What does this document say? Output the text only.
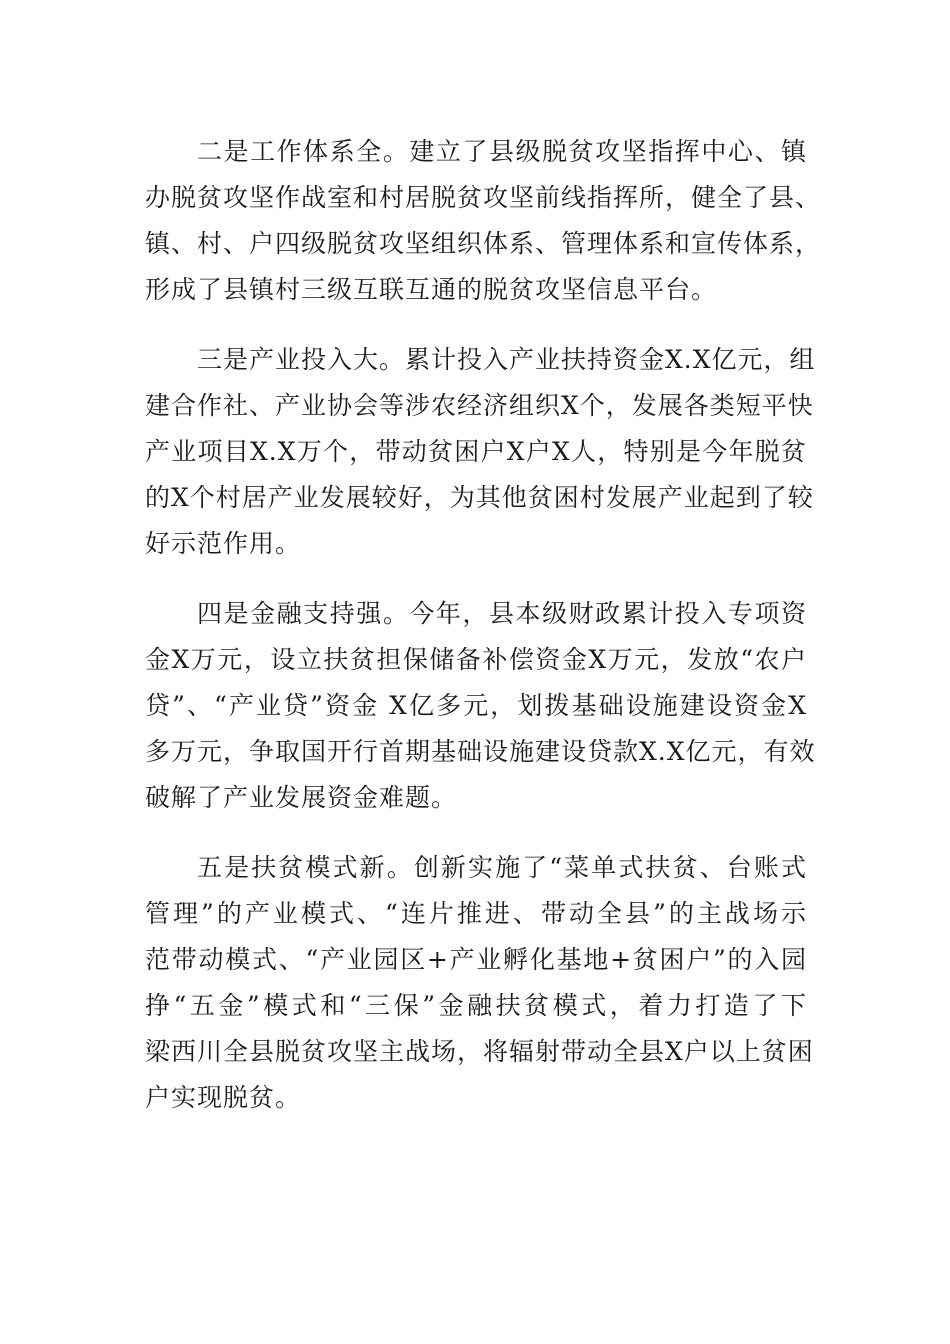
二是工作体系全。建立了县级脱贫攻坚指挥中心、镇
办脱贫攻坚作战室和村居脱贫攻坚前线指挥所，健全了县、
镇、村、户四级脱贫攻坚组织体系、管理体系和宣传体系，
形成了县镇村三级互联互通的脱贫攻坚信息平台。
三是产业投入大。累计投入产业扶持资金X.X亿元，组
建合作社、产业协会等涉农经济组织X个，发展各类短平快
产业项目X.X万个，带动贫困户X户X人，特别是今年脱贫
的X个村居产业发展较好，为其他贫困村发展产业起到了较
好示范作用。
四是金融支持强。今年，县本级财政累计投入专项资
金X万元，设立扶贫担保储备补偿资金X万元，发放“农户
贷”、“产业贷”资金 X亿多元，划拨基础设施建设资金X
多万元，争取国开行首期基础设施建设贷款X.X亿元，有效
破解了产业发展资金难题。
五是扶贫模式新。创新实施了“菜单式扶贫、台账式
管理”的产业模式、“连片推进、带动全县”的主战场示
范带动模式、“产业园区+产业孵化基地+贫困户”的入园
挣“五金”模式和“三保”金融扶贫模式，着力打造了下
梁西川全县脱贫攻坚主战场，将辐射带动全县X户以上贫困
户实现脱贫。
